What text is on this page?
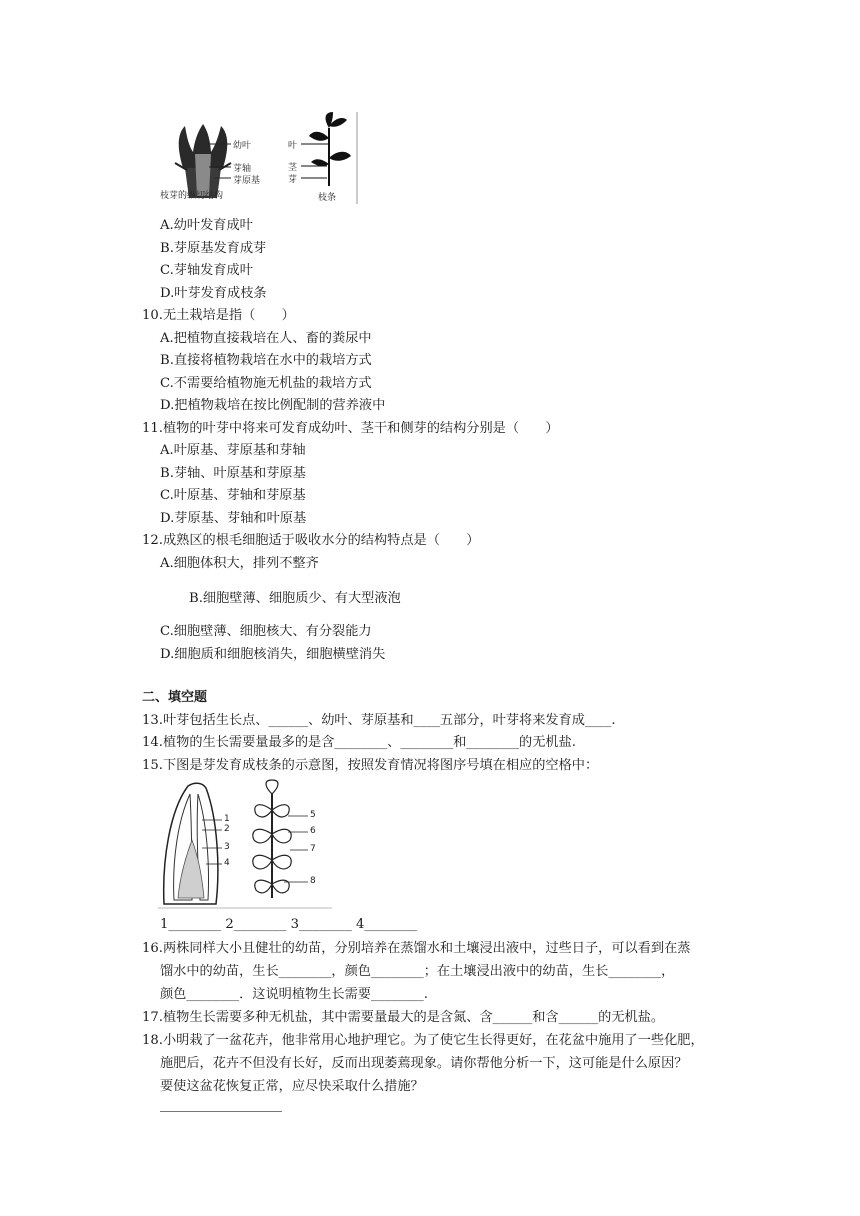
幼叶
芽轴
芽原基
枝芽的纵切结构
叶
茎
芽
枝条
A.幼叶发育成叶
B.芽原基发育成芽
C.芽轴发育成叶
D.叶芽发育成枝条
10.无土栽培是指（　　）
A.把植物直接栽培在人、畜的粪尿中
B.直接将植物栽培在水中的栽培方式
C.不需要给植物施无机盐的栽培方式
D.把植物栽培在按比例配制的营养液中
11.植物的叶芽中将来可发育成幼叶、茎干和侧芽的结构分别是（　　）
A.叶原基、芽原基和芽轴
B.芽轴、叶原基和芽原基
C.叶原基、芽轴和芽原基
D.芽原基、芽轴和叶原基
12.成熟区的根毛细胞适于吸收水分的结构特点是（　　）
A.细胞体积大，排列不整齐
B.细胞壁薄、细胞质少、有大型液泡
C.细胞壁薄、细胞核大、有分裂能力
D.细胞质和细胞核消失，细胞横壁消失
二、填空题
13.叶芽包括生长点、______、幼叶、芽原基和____五部分，叶芽将来发育成____.
14.植物的生长需要量最多的是含________、________和________的无机盐.
15.下图是芽发育成枝条的示意图，按照发育情况将图序号填在相应的空格中：
1
2
3
4
5
6
7
8
1________ 2________ 3________ 4________
16.两株同样大小且健壮的幼苗，分别培养在蒸馏水和土壤浸出液中，过些日子，可以看到在蒸
馏水中的幼苗，生长________，颜色________；在土壤浸出液中的幼苗，生长________，
颜色________．这说明植物生长需要________.
17.植物生长需要多种无机盐，其中需要量最大的是含氮、含______和含______的无机盐。
18.小明栽了一盆花卉，他非常用心地护理它。为了使它生长得更好，在花盆中施用了一些化肥，
施肥后，花卉不但没有长好，反而出现萎蔫现象。请你帮他分析一下，这可能是什么原因？
要使这盆花恢复正常，应尽快采取什么措施？
